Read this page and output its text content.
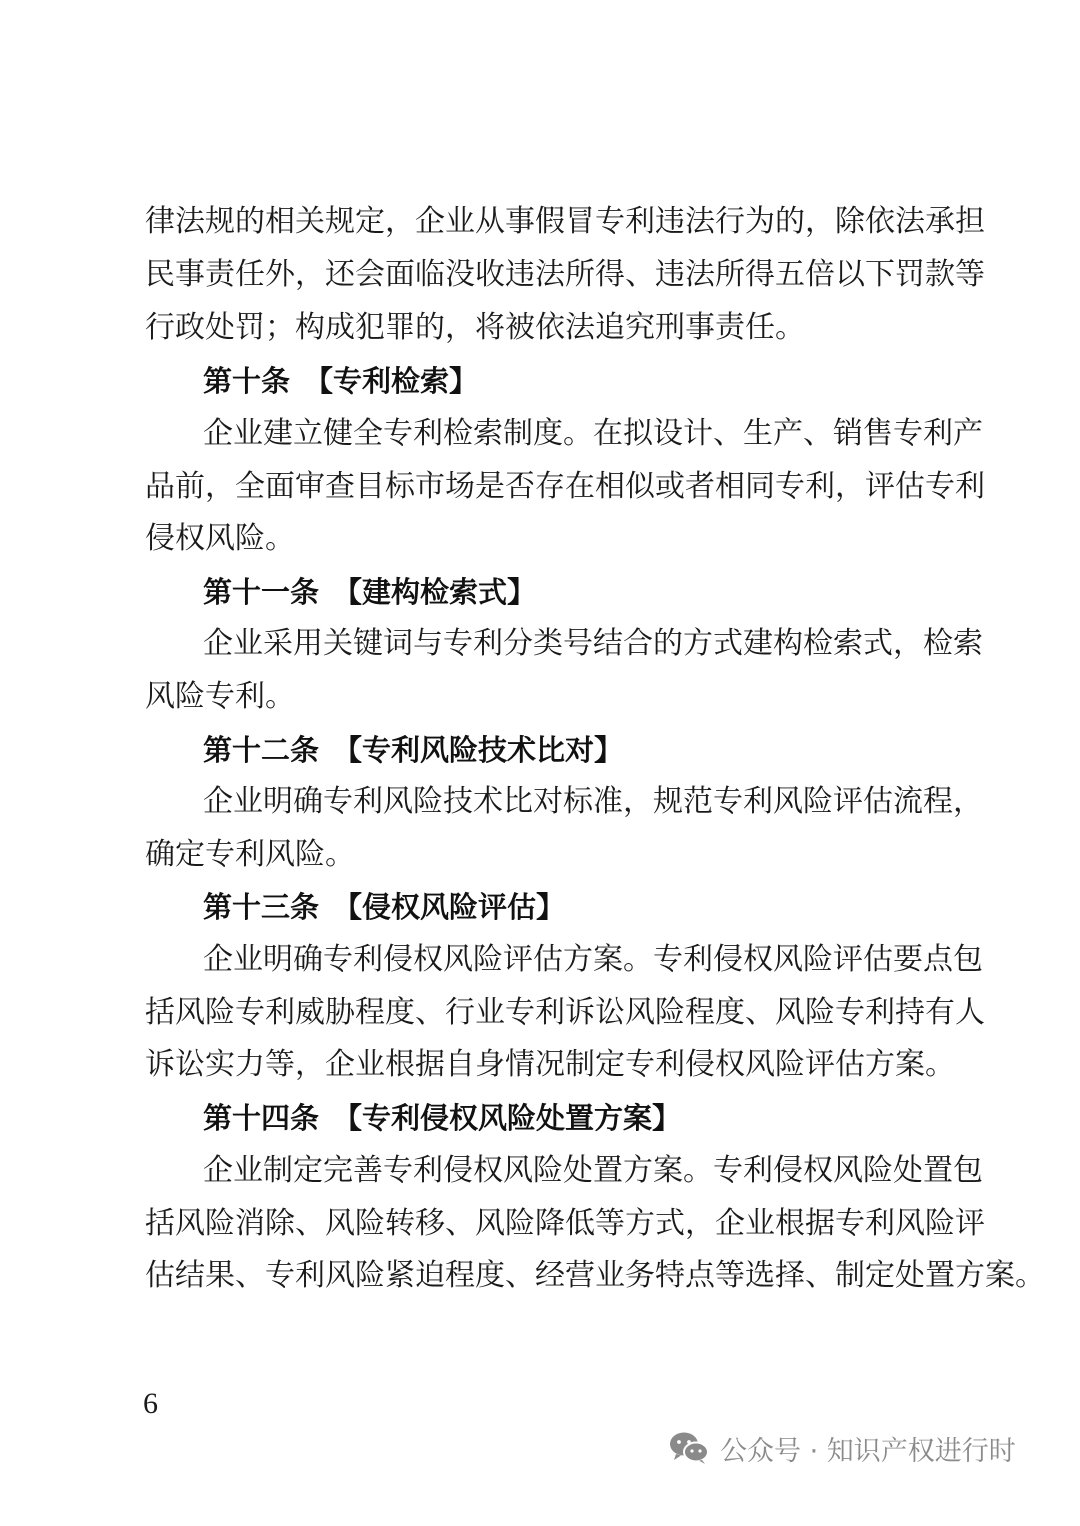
律法规的相关规定，企业从事假冒专利违法行为的，除依法承担
民事责任外，还会面临没收违法所得、违法所得五倍以下罚款等
行政处罚；构成犯罪的，将被依法追究刑事责任。
第十条 【专利检索】
企业建立健全专利检索制度。在拟设计、生产、销售专利产
品前，全面审查目标市场是否存在相似或者相同专利，评估专利
侵权风险。
第十一条 【建构检索式】
企业采用关键词与专利分类号结合的方式建构检索式，检索
风险专利。
第十二条 【专利风险技术比对】
企业明确专利风险技术比对标准，规范专利风险评估流程，
确定专利风险。
第十三条 【侵权风险评估】
企业明确专利侵权风险评估方案。专利侵权风险评估要点包
括风险专利威胁程度、行业专利诉讼风险程度、风险专利持有人
诉讼实力等，企业根据自身情况制定专利侵权风险评估方案。
第十四条 【专利侵权风险处置方案】
企业制定完善专利侵权风险处置方案。专利侵权风险处置包
括风险消除、风险转移、风险降低等方式，企业根据专利风险评
估结果、专利风险紧迫程度、经营业务特点等选择、制定处置方案。
6
公众号 · 知识产权进行时
